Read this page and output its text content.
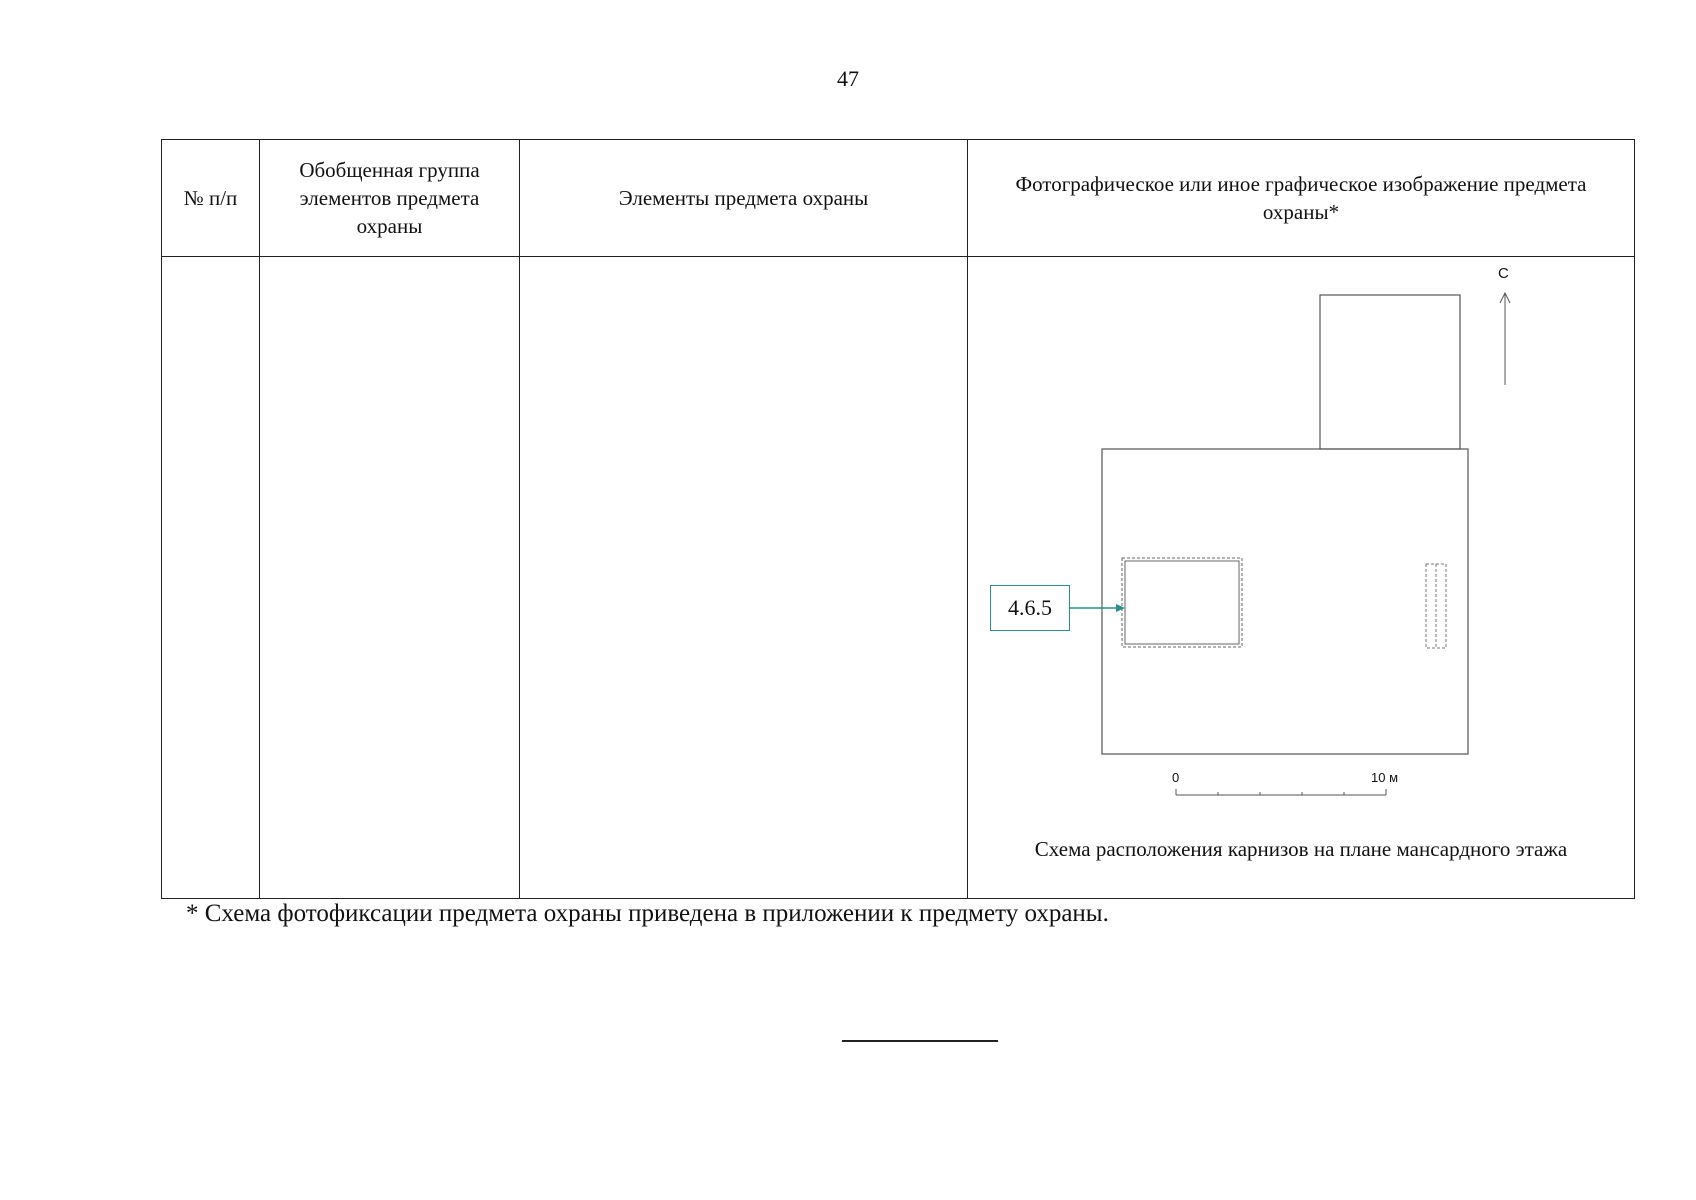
47
№ п/п	Обобщенная группа элементов предмета охраны	Элементы предмета охраны	Фотографическое или иное графическое изображение предмета охраны*

			4.6.5
С
0 10 м
Схема расположения карнизов на плане мансардного этажа
* Схема фотофиксации предмета охраны приведена в приложении к предмету охраны.
